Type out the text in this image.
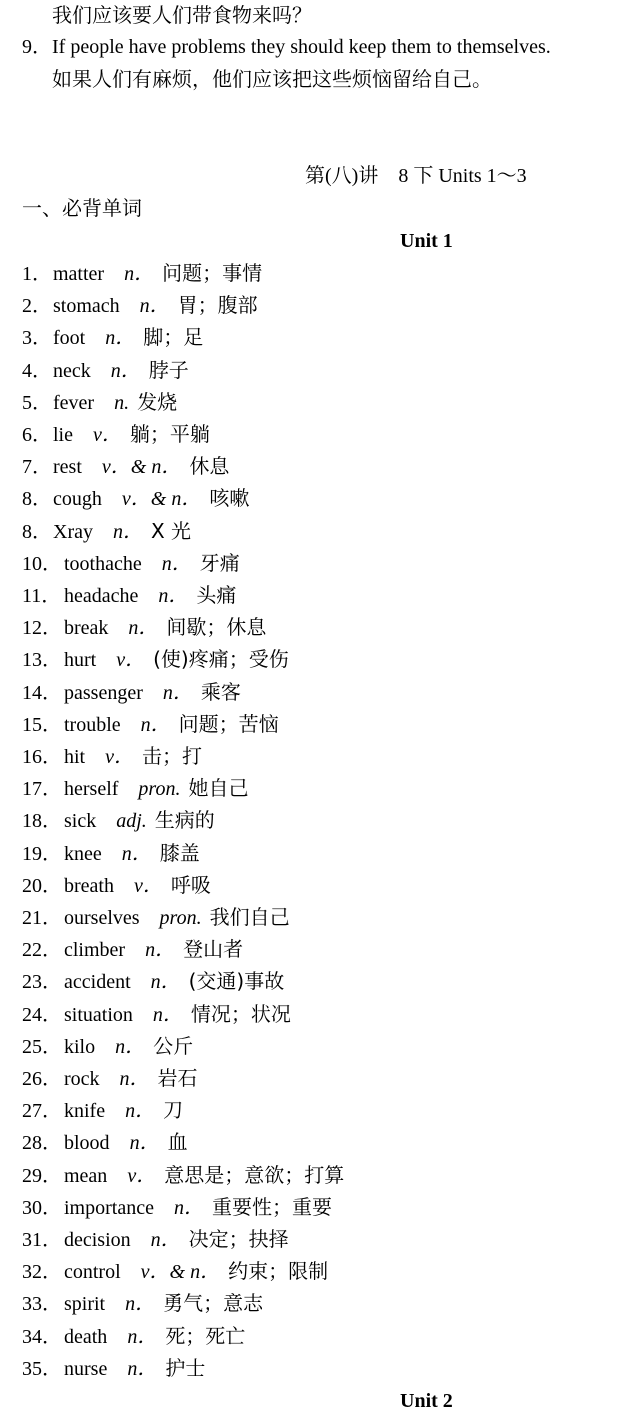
我们应该要人们带食物来吗？
9．If people have problems they should keep them to themselves.
如果人们有麻烦，他们应该把这些烦恼留给自己。
第(八)讲　8 下 Units 1～3
一、必背单词
Unit 1
1．matter n． 问题；事情
2．stomach n． 胃；腹部
3．foot n． 脚；足
4．neck n． 脖子
5．fever n. 发烧
6．lie v． 躺；平躺
7．rest v．& n． 休息
8．cough v．& n． 咳嗽
8．Xray n． X 光
10． toothache n． 牙痛
11． headache n． 头痛
12． break n． 间歇；休息
13． hurt v． (使)疼痛；受伤
14． passenger n． 乘客
15． trouble n． 问题；苦恼
16． hit v． 击；打
17． herself pron. 她自己
18． sick adj. 生病的
19． knee n． 膝盖
20． breath v． 呼吸
21． ourselves pron. 我们自己
22． climber n． 登山者
23． accident n． (交通)事故
24． situation n． 情况；状况
25． kilo n． 公斤
26． rock n． 岩石
27． knife n． 刀
28． blood n． 血
29． mean v． 意思是；意欲；打算
30． importance n． 重要性；重要
31． decision n． 决定；抉择
32． control v．& n． 约束；限制
33． spirit n． 勇气；意志
34． death n． 死；死亡
35． nurse n． 护士
Unit 2
